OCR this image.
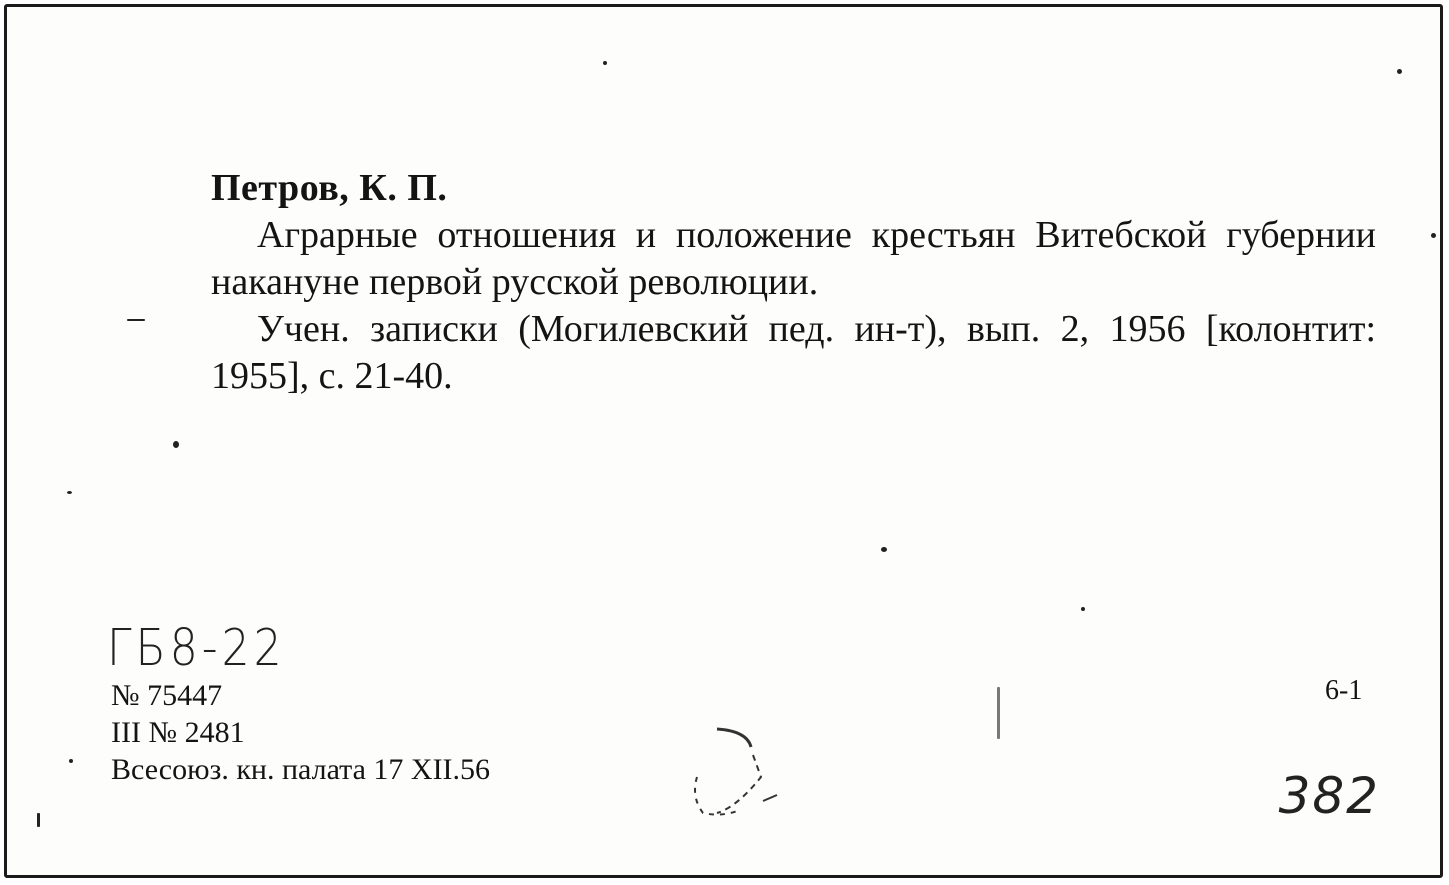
Петров, К. П.

Аграрные отношения и положение крестьян Витебской губернии накануне первой русской революции.

Учен. записки (Могилевский пед. ин-т), вып. 2, 1956 [колонтит: 1955], с. 21-40.

ГБ8-22
№ 75447
III № 2481
Всесоюз. кн. палата 17 XII.56
6-1
382
